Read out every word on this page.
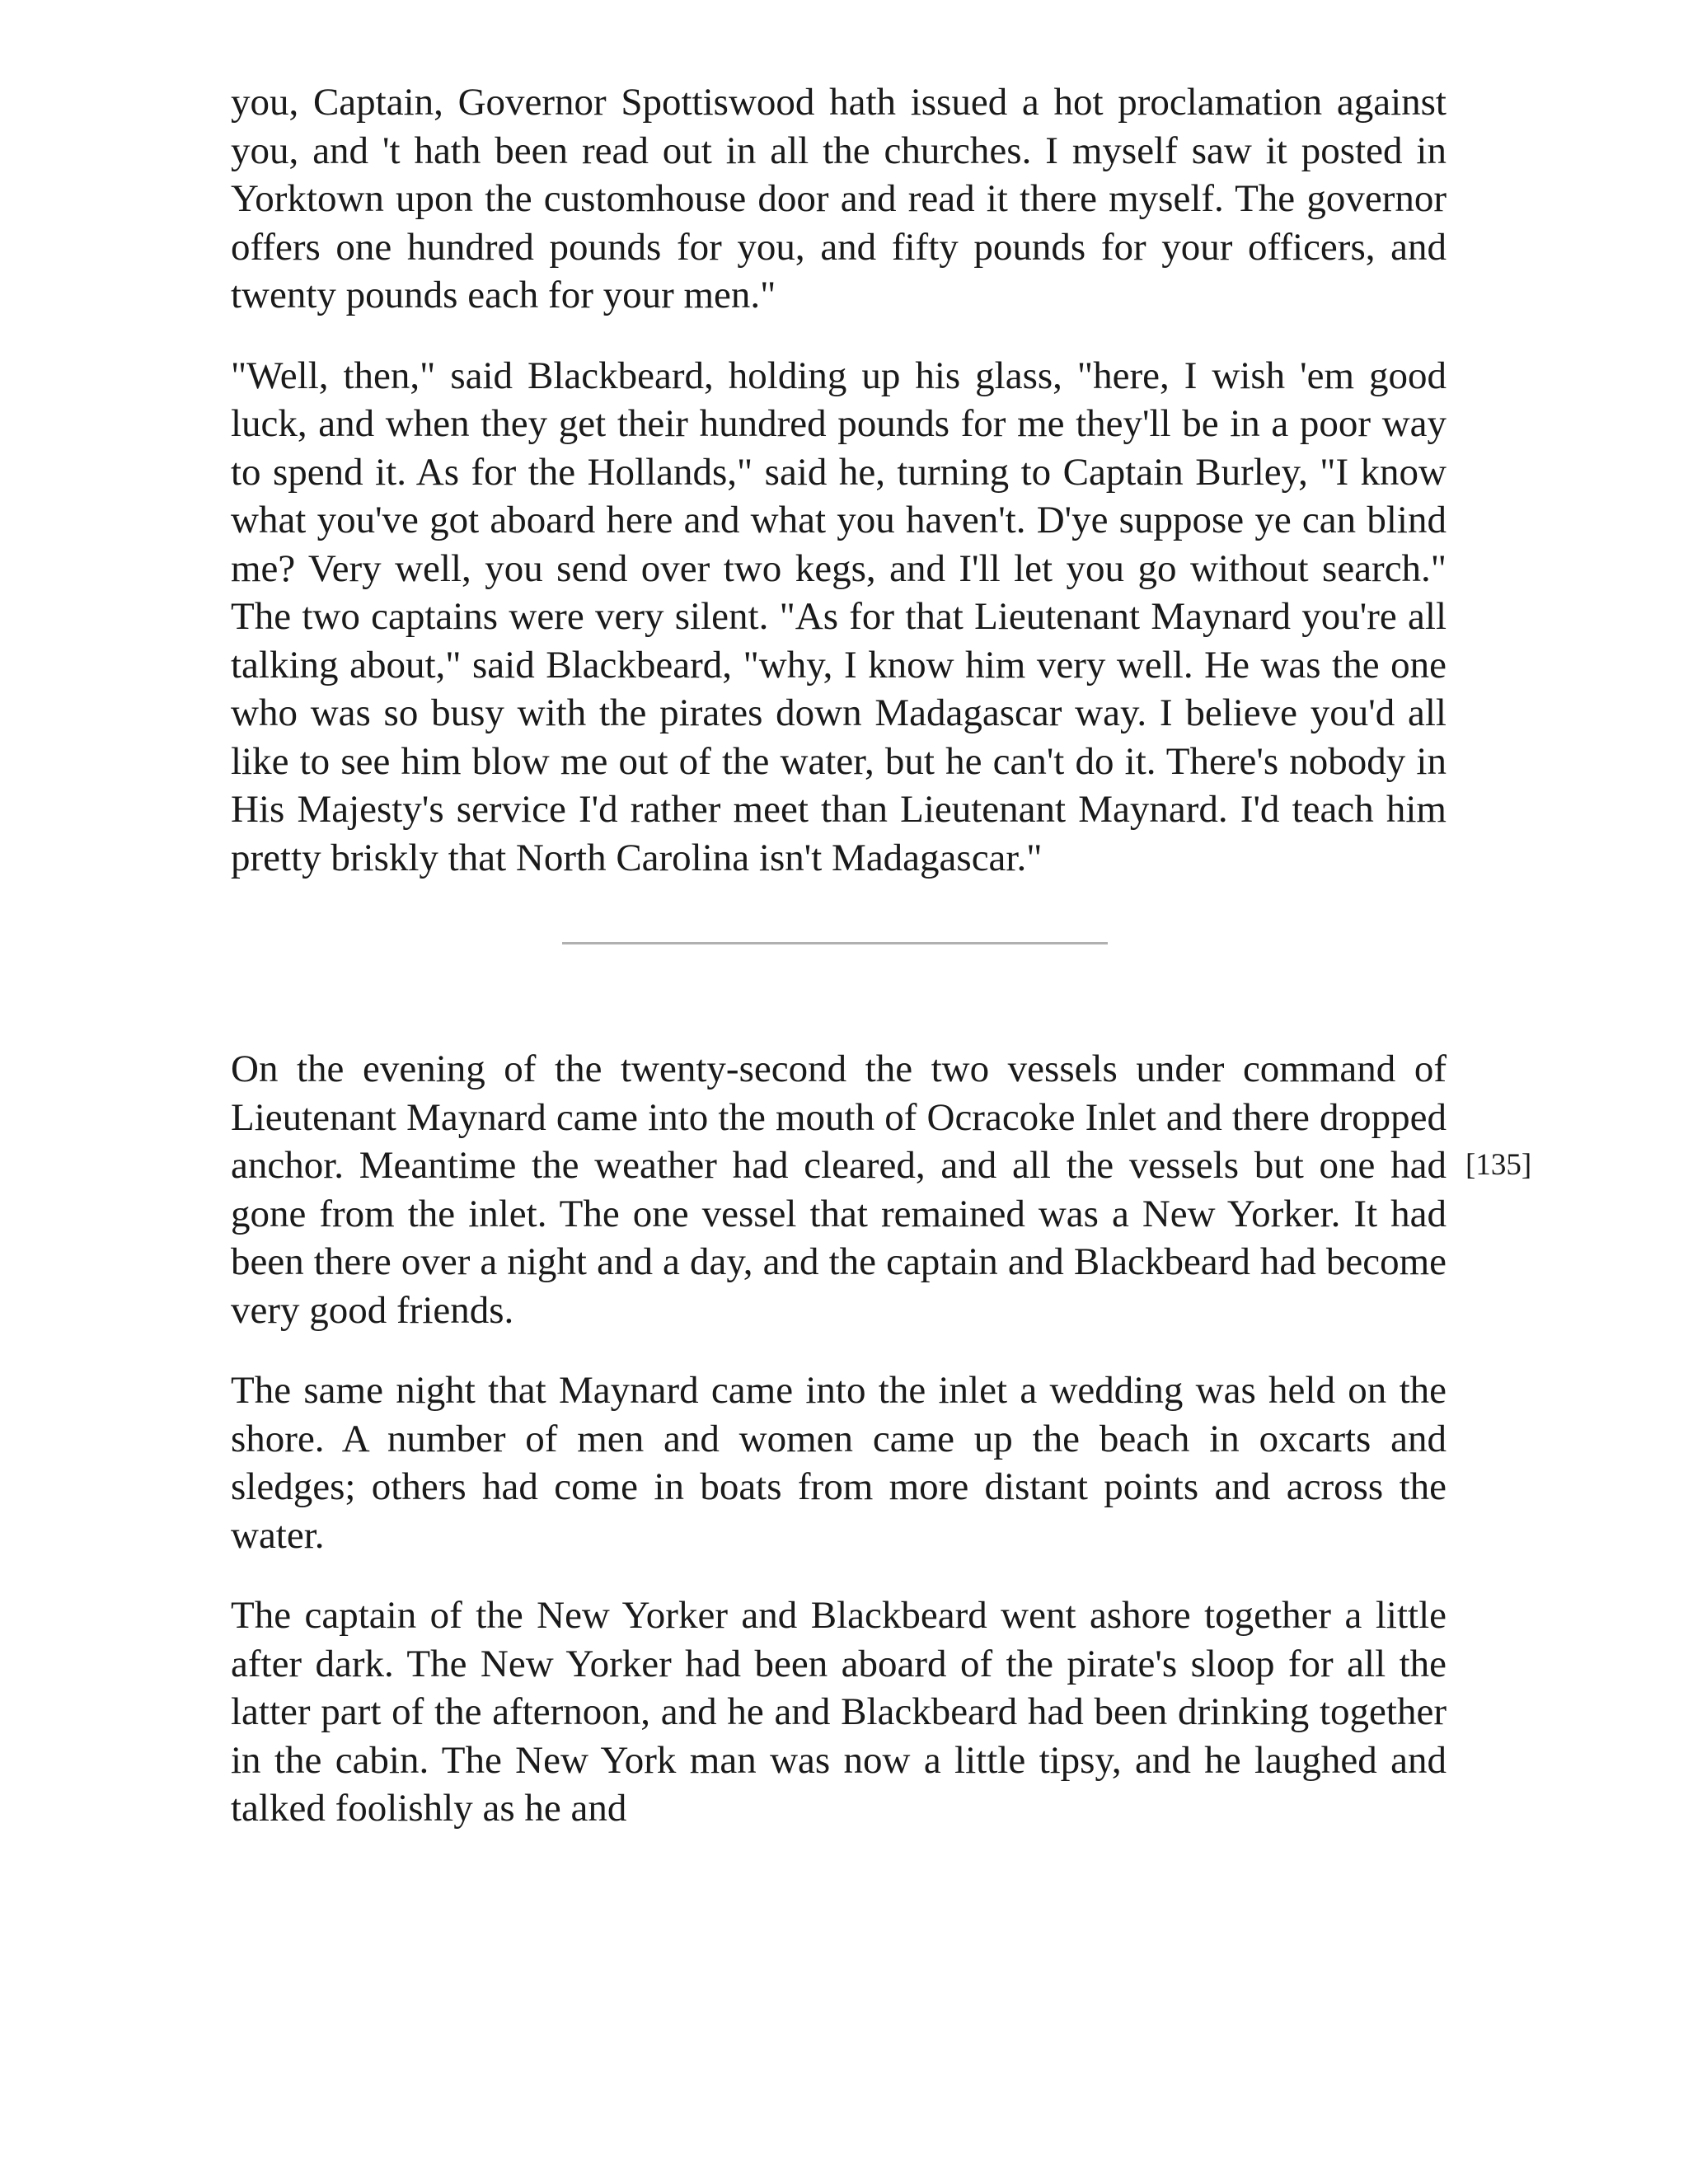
you, Captain, Governor Spottiswood hath issued a hot proclamation against you, and 't hath been read out in all the churches. I myself saw it posted in Yorktown upon the customhouse door and read it there myself. The governor offers one hundred pounds for you, and fifty pounds for your officers, and twenty pounds each for your men."

"Well, then," said Blackbeard, holding up his glass, "here, I wish 'em good luck, and when they get their hundred pounds for me they'll be in a poor way to spend it. As for the Hollands," said he, turning to Captain Burley, "I know what you've got aboard here and what you haven't. D'ye suppose ye can blind me? Very well, you send over two kegs, and I'll let you go without search." The two captains were very silent. "As for that Lieutenant Maynard you're all talking about," said Blackbeard, "why, I know him very well. He was the one who was so busy with the pirates down Madagascar way. I believe you'd all like to see him blow me out of the water, but he can't do it. There's nobody in His Majesty's service I'd rather meet than Lieutenant Maynard. I'd teach him pretty briskly that North Carolina isn't Madagascar."

[135]

On the evening of the twenty-second the two vessels under command of Lieutenant Maynard came into the mouth of Ocracoke Inlet and there dropped anchor. Meantime the weather had cleared, and all the vessels but one had gone from the inlet. The one vessel that remained was a New Yorker. It had been there over a night and a day, and the captain and Blackbeard had become very good friends.

The same night that Maynard came into the inlet a wedding was held on the shore. A number of men and women came up the beach in oxcarts and sledges; others had come in boats from more distant points and across the water.

The captain of the New Yorker and Blackbeard went ashore together a little after dark. The New Yorker had been aboard of the pirate's sloop for all the latter part of the afternoon, and he and Blackbeard had been drinking together in the cabin. The New York man was now a little tipsy, and he laughed and talked foolishly as he and
